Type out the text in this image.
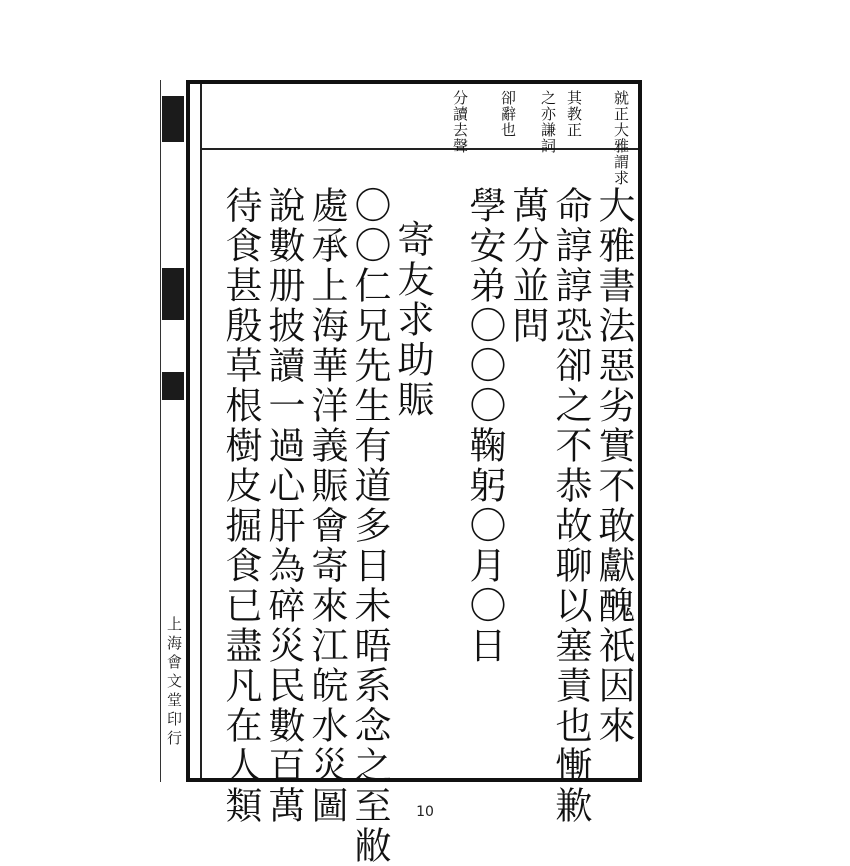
上海會文堂印行
就正大雅謂求
其教正
之亦謙詞
卻辭也
分讀去聲
大雅書法惡劣實不敢獻醜祇因來
命諄諄恐卻之不恭故聊以塞責也慚歉
萬分並問
學安弟〇〇〇鞠躬〇月〇日
寄友求助賑
〇〇仁兄先生有道多日未晤系念之至敝
處承上海華洋義賑會寄來江皖水災圖
說數册披讀一過心肝為碎災民數百萬
待食甚殷草根樹皮掘食已盡凡在人類	10
